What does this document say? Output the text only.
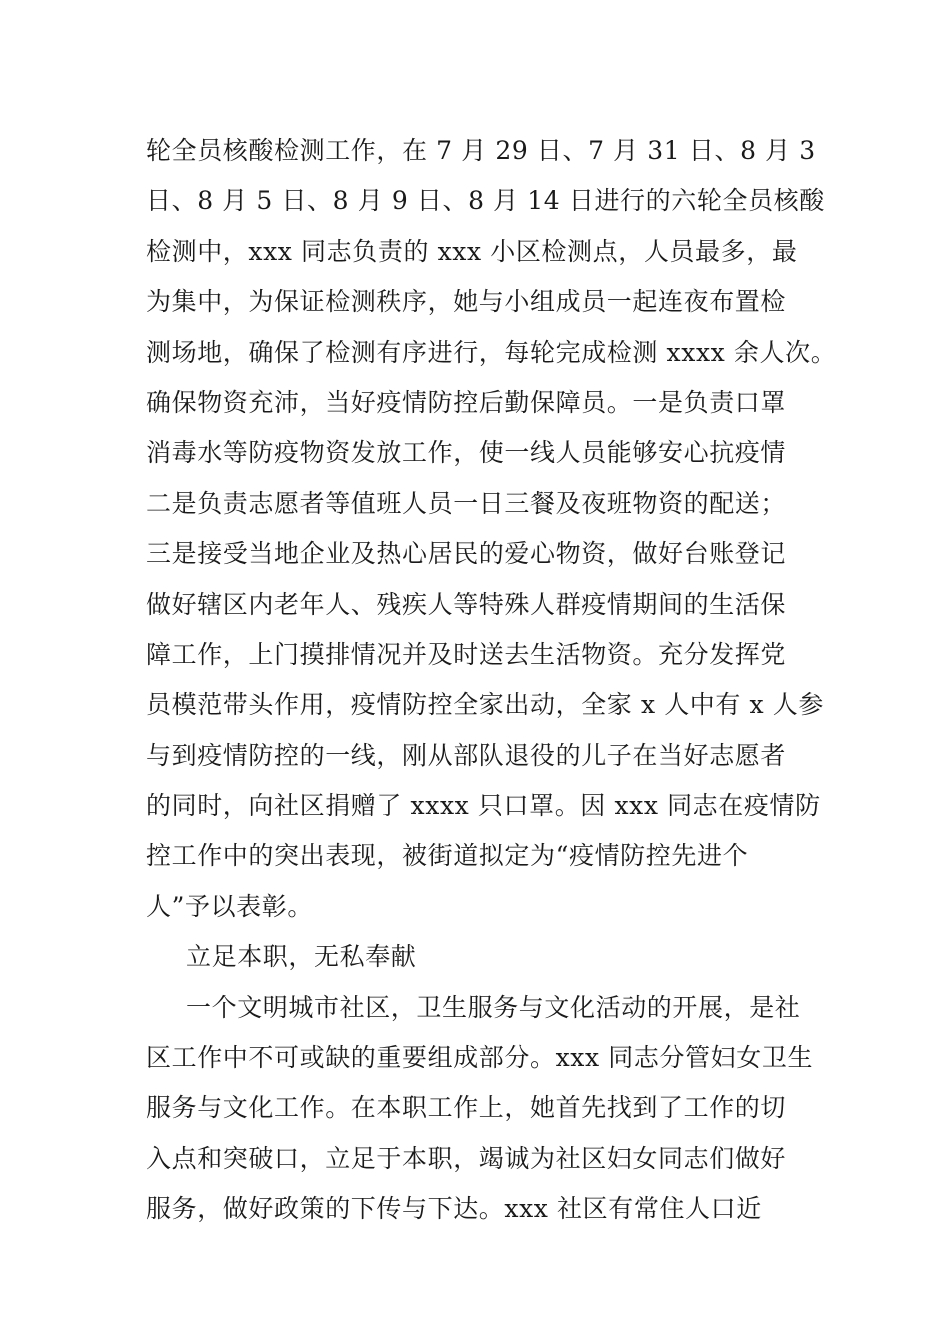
轮全员核酸检测工作，在 7 月 29 日、7 月 31 日、8 月 3
日、8 月 5 日、8 月 9 日、8 月 14 日进行的六轮全员核酸
检测中，xxx 同志负责的 xxx 小区检测点，人员最多，最
为集中，为保证检测秩序，她与小组成员一起连夜布置检
测场地，确保了检测有序进行，每轮完成检测 xxxx 余人次。
确保物资充沛，当好疫情防控后勤保障员。一是负责口罩
消毒水等防疫物资发放工作，使一线人员能够安心抗疫情
二是负责志愿者等值班人员一日三餐及夜班物资的配送；
三是接受当地企业及热心居民的爱心物资，做好台账登记
做好辖区内老年人、残疾人等特殊人群疫情期间的生活保
障工作，上门摸排情况并及时送去生活物资。充分发挥党
员模范带头作用，疫情防控全家出动，全家 x 人中有 x 人参
与到疫情防控的一线，刚从部队退役的儿子在当好志愿者
的同时，向社区捐赠了 xxxx 只口罩。因 xxx 同志在疫情防
控工作中的突出表现，被街道拟定为“疫情防控先进个
人”予以表彰。
立足本职，无私奉献
一个文明城市社区，卫生服务与文化活动的开展，是社
区工作中不可或缺的重要组成部分。xxx 同志分管妇女卫生
服务与文化工作。在本职工作上，她首先找到了工作的切
入点和突破口，立足于本职，竭诚为社区妇女同志们做好
服务，做好政策的下传与下达。xxx 社区有常住人口近
